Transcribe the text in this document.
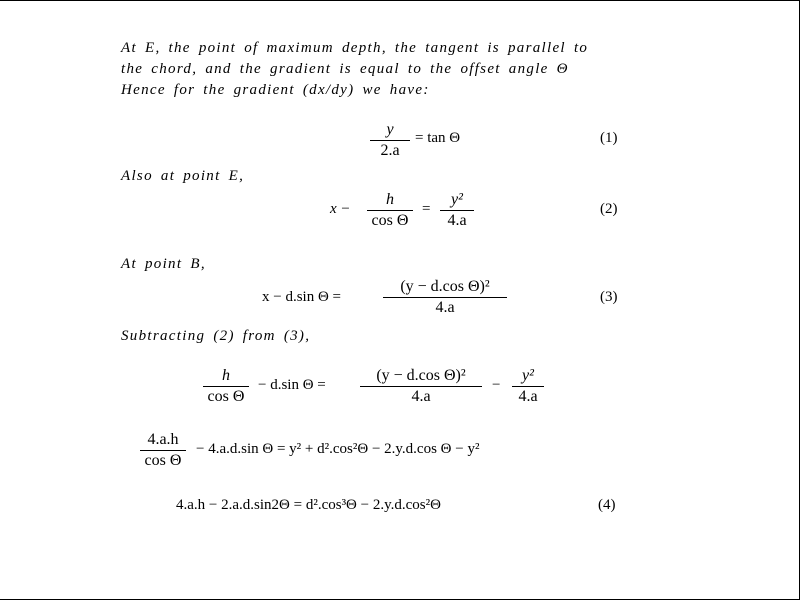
At E, the point of maximum depth, the tangent is parallel to
the chord, and the gradient is equal to the offset angle Θ
Hence for the gradient (dx/dy) we have:
y
2.a
= tan Θ	(1)
Also at point E,
x −
h
cos Θ
=
y²
4.a
(2)
At point B,
x − d.sin Θ =
(y − d.cos Θ)²
4.a
(3)
Subtracting (2) from (3),
h
cos Θ
− d.sin Θ =
(y − d.cos Θ)²
4.a
−
y²
4.a
4.a.h
cos Θ
− 4.a.d.sin Θ = y² + d².cos²Θ − 2.y.d.cos Θ − y²
4.a.h − 2.a.d.sin2Θ = d².cos³Θ − 2.y.d.cos²Θ	(4)
